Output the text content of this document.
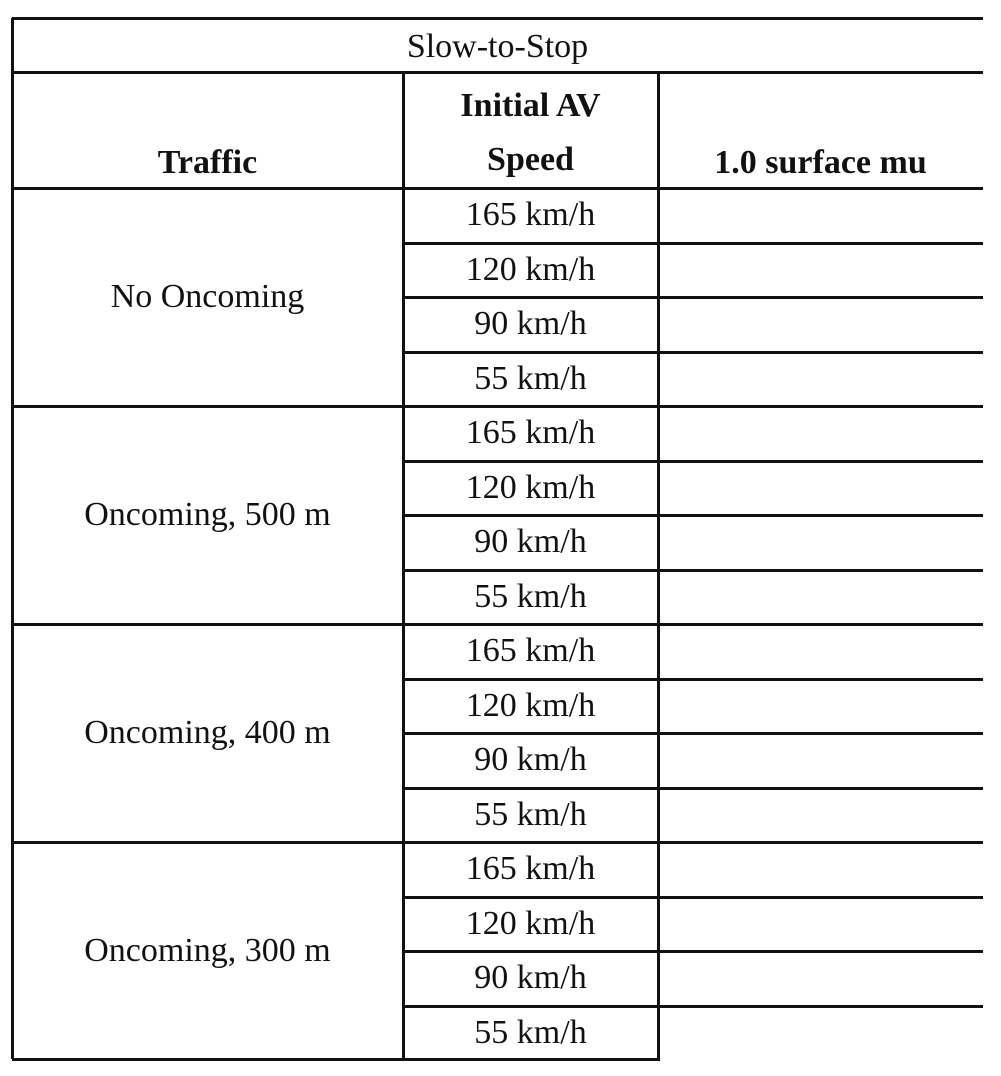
Slow-to-Stop
Traffic
Initial AV
Speed	1.0 surface mu
No Oncoming
165 km/h
120 km/h
90 km/h
55 km/h
Oncoming, 500 m
165 km/h
120 km/h
90 km/h
55 km/h
Oncoming, 400 m
165 km/h
120 km/h
90 km/h
55 km/h
Oncoming, 300 m
165 km/h
120 km/h
90 km/h
55 km/h
